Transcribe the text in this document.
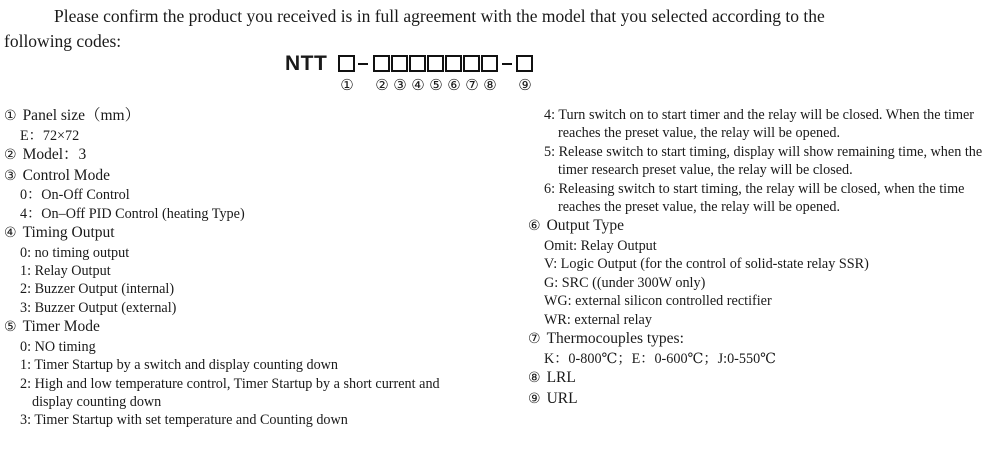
Please confirm the product you received is in full agreement with the model that you selected according to the
following codes:
NTT
① ② ③ ④ ⑤ ⑥ ⑦ ⑧ ⑨
① Panel size（mm）
E：72×72
② Model：3
③ Control Mode
0：On-Off Control
4：On–Off PID Control (heating Type)
④ Timing Output
0: no timing output
1: Relay Output
2: Buzzer Output (internal)
3: Buzzer Output (external)
⑤ Timer Mode
0: NO timing
1: Timer Startup by a switch and display counting down
2: High and low temperature control, Timer Startup by a short current and display counting down
3: Timer Startup with set temperature and Counting down
4: Turn switch on to start timer and the relay will be closed. When the timer reaches the preset value, the relay will be opened.
5: Release switch to start timing, display will show remaining time, when the timer research preset value, the relay will be closed.
6: Releasing switch to start timing, the relay will be closed, when the time reaches the preset value, the relay will be opened.
⑥ Output Type
Omit: Relay Output
V: Logic Output (for the control of solid-state relay SSR)
G: SRC ((under 300W only)
WG: external silicon controlled rectifier
WR: external relay
⑦ Thermocouples types:
K：0-800℃；E：0-600℃；J:0-550℃
⑧ LRL
⑨ URL
